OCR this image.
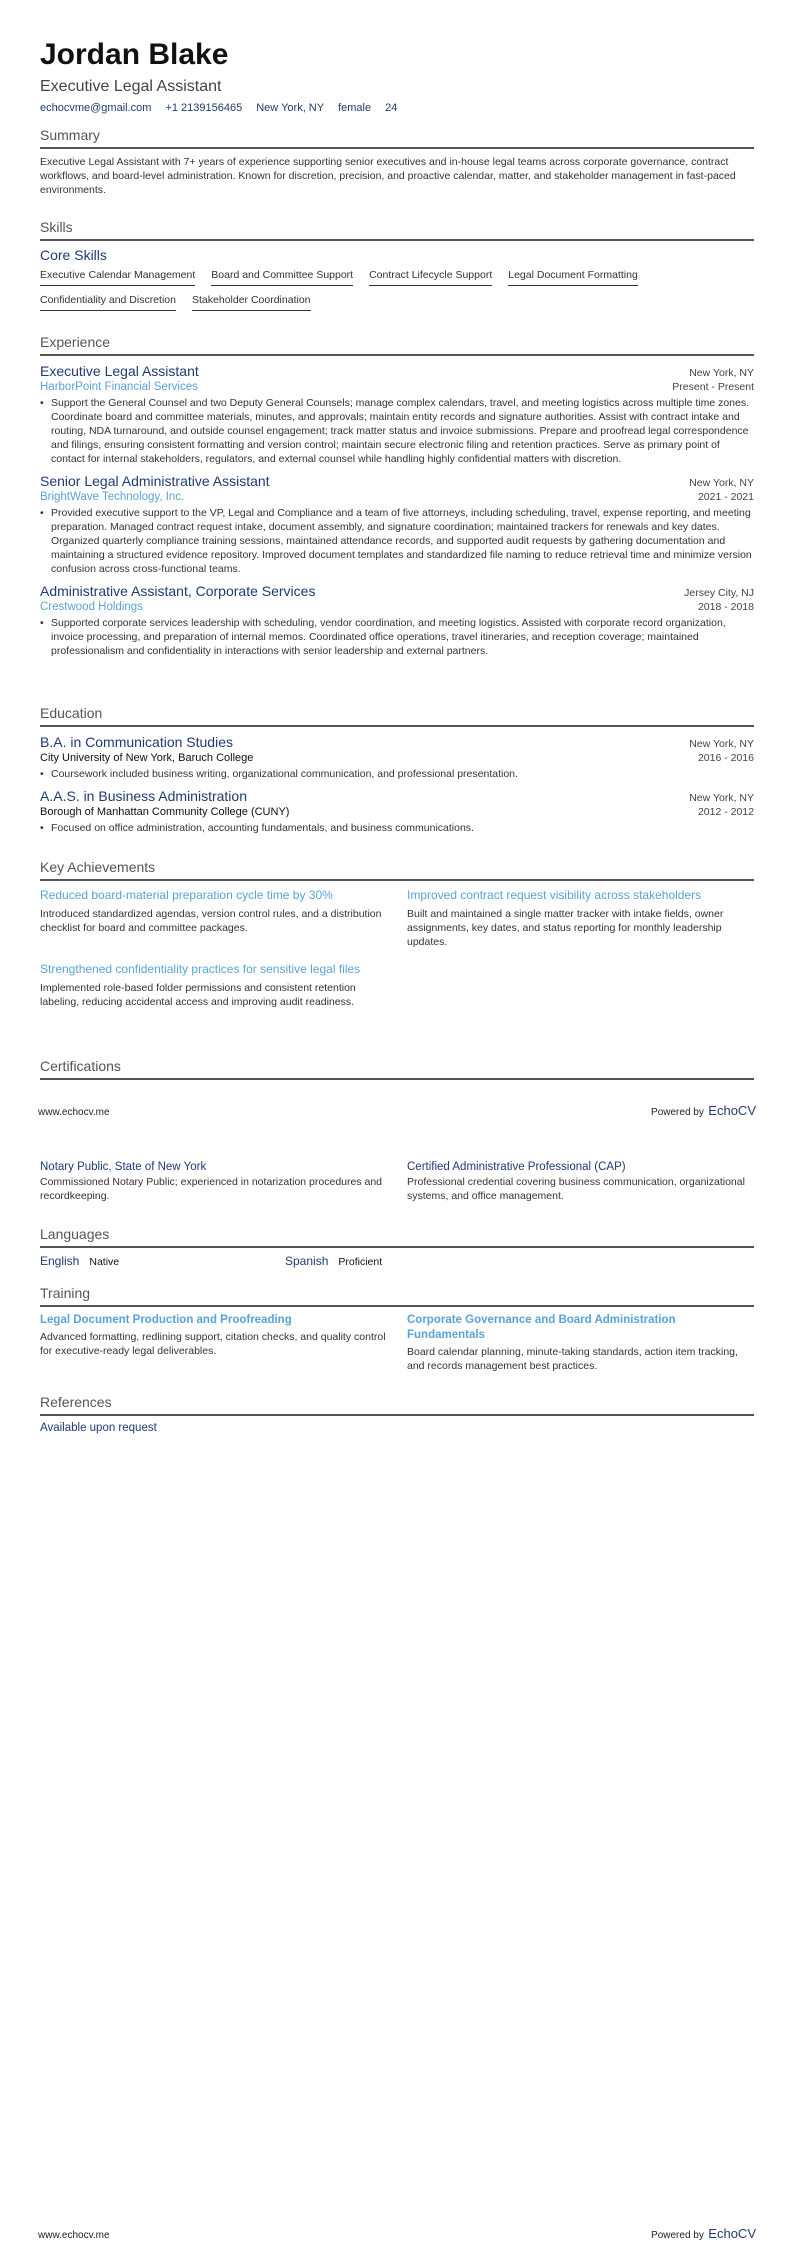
Jordan Blake
Executive Legal Assistant
echocvme@gmail.com +1 2139156465 New York, NY female 24
Summary
Executive Legal Assistant with 7+ years of experience supporting senior executives and in-house legal teams across corporate governance, contract workflows, and board-level administration. Known for discretion, precision, and proactive calendar, matter, and stakeholder management in fast-paced environments.
Skills
Core Skills
Executive Calendar Management Board and Committee Support Contract Lifecycle Support Legal Document Formatting
Confidentiality and Discretion Stakeholder Coordination
Experience
Executive Legal Assistant	New York, NY
HarborPoint Financial Services	Present - Present
• Support the General Counsel and two Deputy General Counsels; manage complex calendars, travel, and meeting logistics across multiple time zones. Coordinate board and committee materials, minutes, and approvals; maintain entity records and signature authorities. Assist with contract intake and routing, NDA turnaround, and outside counsel engagement; track matter status and invoice submissions. Prepare and proofread legal correspondence and filings, ensuring consistent formatting and version control; maintain secure electronic filing and retention practices. Serve as primary point of contact for internal stakeholders, regulators, and external counsel while handling highly confidential matters with discretion.
Senior Legal Administrative Assistant	New York, NY
BrightWave Technology, Inc.	2021 - 2021
• Provided executive support to the VP, Legal and Compliance and a team of five attorneys, including scheduling, travel, expense reporting, and meeting preparation. Managed contract request intake, document assembly, and signature coordination; maintained trackers for renewals and key dates. Organized quarterly compliance training sessions, maintained attendance records, and supported audit requests by gathering documentation and maintaining a structured evidence repository. Improved document templates and standardized file naming to reduce retrieval time and minimize version confusion across cross-functional teams.
Administrative Assistant, Corporate Services	Jersey City, NJ
Crestwood Holdings	2018 - 2018
• Supported corporate services leadership with scheduling, vendor coordination, and meeting logistics. Assisted with corporate record organization, invoice processing, and preparation of internal memos. Coordinated office operations, travel itineraries, and reception coverage; maintained professionalism and confidentiality in interactions with senior leadership and external partners.
Education
B.A. in Communication Studies	New York, NY
City University of New York, Baruch College	2016 - 2016
• Coursework included business writing, organizational communication, and professional presentation.
A.A.S. in Business Administration	New York, NY
Borough of Manhattan Community College (CUNY)	2012 - 2012
• Focused on office administration, accounting fundamentals, and business communications.
Key Achievements
Reduced board-material preparation cycle time by 30%
Introduced standardized agendas, version control rules, and a distribution checklist for board and committee packages.
Improved contract request visibility across stakeholders
Built and maintained a single matter tracker with intake fields, owner assignments, key dates, and status reporting for monthly leadership updates.
Strengthened confidentiality practices for sensitive legal files
Implemented role-based folder permissions and consistent retention labeling, reducing accidental access and improving audit readiness.
Certifications
www.echocv.me	Powered by EchoCV
Notary Public, State of New York
Commissioned Notary Public; experienced in notarization procedures and recordkeeping.
Certified Administrative Professional (CAP)
Professional credential covering business communication, organizational systems, and office management.
Languages
English Native	Spanish Proficient
Training
Legal Document Production and Proofreading
Advanced formatting, redlining support, citation checks, and quality control for executive-ready legal deliverables.
Corporate Governance and Board Administration Fundamentals
Board calendar planning, minute-taking standards, action item tracking, and records management best practices.
References
Available upon request
www.echocv.me	Powered by EchoCV
